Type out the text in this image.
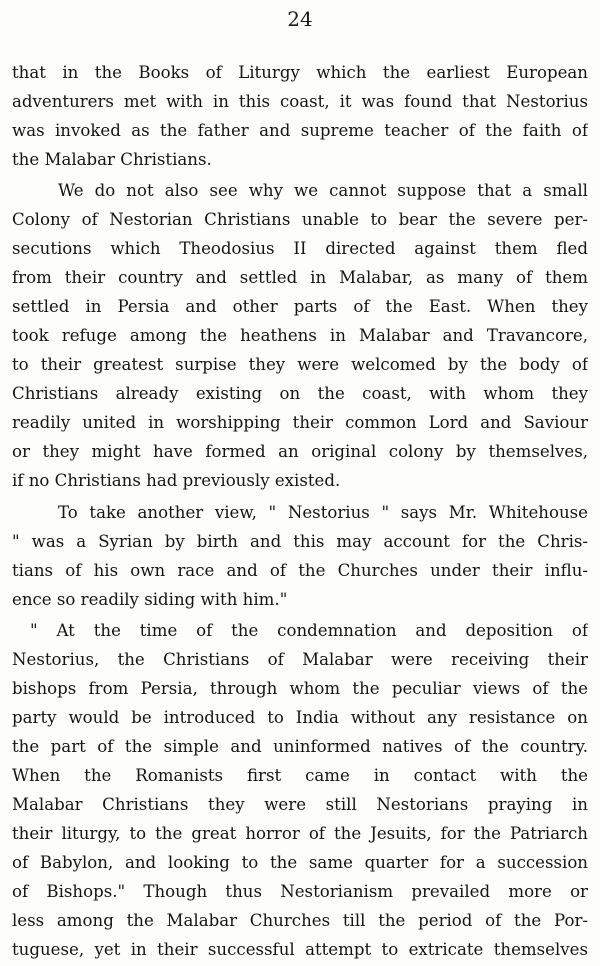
24
that in the Books of Liturgy which the earliest European
adventurers met with in this coast, it was found that Nestorius
was invoked as the father and supreme teacher of the faith of
the Malabar Christians.
We do not also see why we cannot suppose that a small
Colony of Nestorian Christians unable to bear the severe per-
secutions which Theodosius II directed against them fled
from their country and settled in Malabar, as many of them
settled in Persia and other parts of the East. When they
took refuge among the heathens in Malabar and Travancore,
to their greatest surpise they were welcomed by the body of
Christians already existing on the coast, with whom they
readily united in worshipping their common Lord and Saviour
or they might have formed an original colony by themselves,
if no Christians had previously existed.
To take another view, " Nestorius " says Mr. Whitehouse
" was a Syrian by birth and this may account for the Chris-
tians of his own race and of the Churches under their influ-
ence so readily siding with him."
" At the time of the condemnation and deposition of
Nestorius, the Christians of Malabar were receiving their
bishops from Persia, through whom the peculiar views of the
party would be introduced to India without any resistance on
the part of the simple and uninformed natives of the country.
When the Romanists first came in contact with the
Malabar Christians they were still Nestorians praying in
their liturgy, to the great horror of the Jesuits, for the Patriarch
of Babylon, and looking to the same quarter for a succession
of Bishops." Though thus Nestorianism prevailed more or
less among the Malabar Churches till the period of the Por-
tuguese, yet in their successful attempt to extricate themselves
